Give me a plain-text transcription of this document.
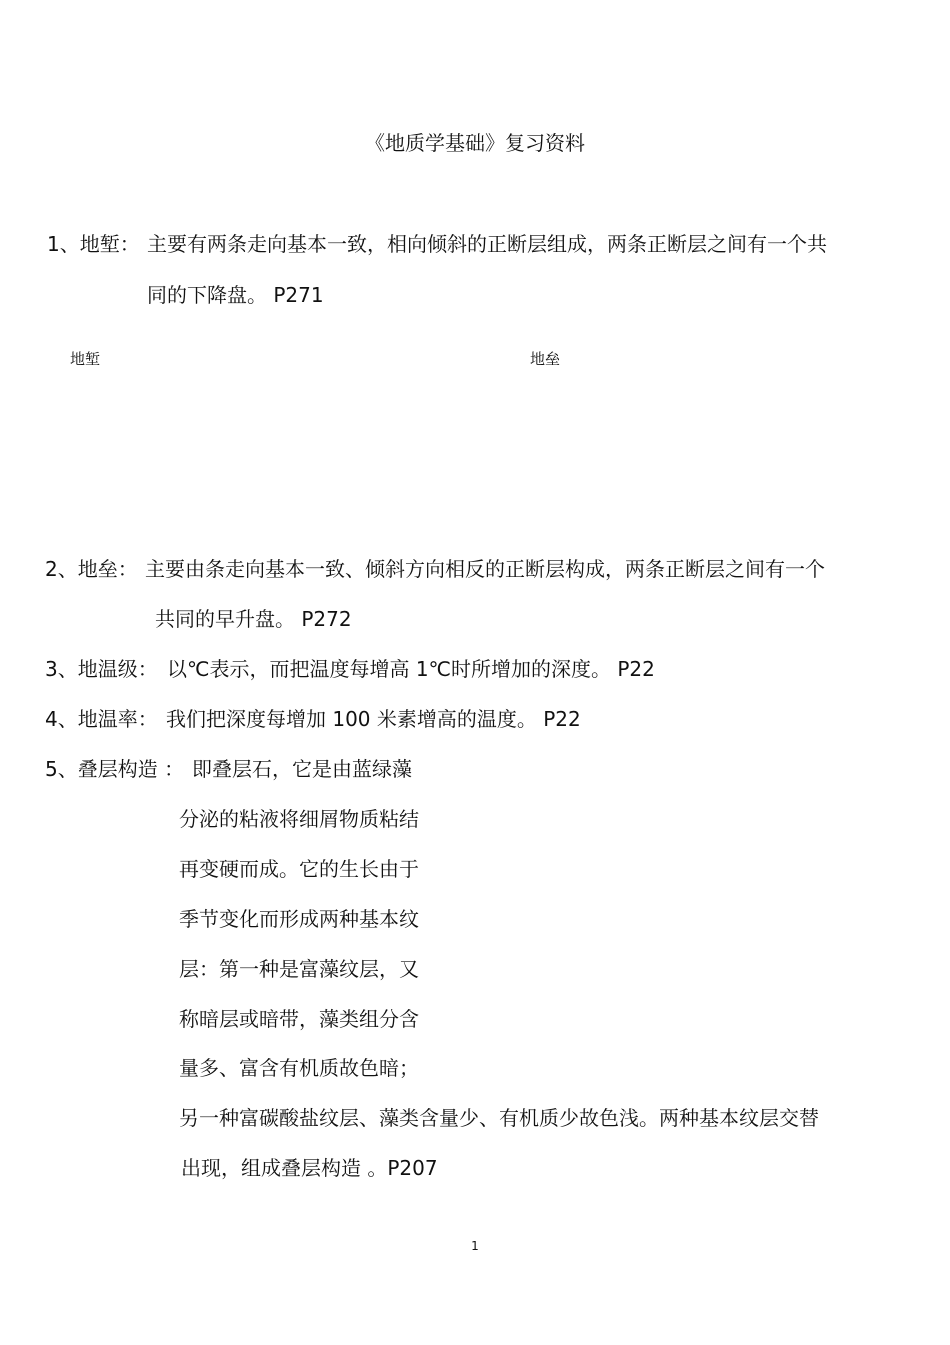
《地质学基础》复习资料
1、地堑： 主要有两条走向基本一致，相向倾斜的正断层组成，两条正断层之间有一个共
同的下降盘。 P271
地堑	地垒
2、地垒： 主要由条走向基本一致、倾斜方向相反的正断层构成，两条正断层之间有一个
共同的早升盘。 P272
3、地温级： 以℃表示，而把温度每增高 1℃时所增加的深度。 P22
4、地温率： 我们把深度每增加 100 米素增高的温度。 P22
5、叠层构造 ： 即叠层石，它是由蓝绿藻
分泌的粘液将细屑物质粘结
再变硬而成。它的生长由于
季节变化而形成两种基本纹
层：第一种是富藻纹层，又
称暗层或暗带，藻类组分含
量多、富含有机质故色暗；
另一种富碳酸盐纹层、藻类含量少、有机质少故色浅。两种基本纹层交替
出现，组成叠层构造 。P207
1
